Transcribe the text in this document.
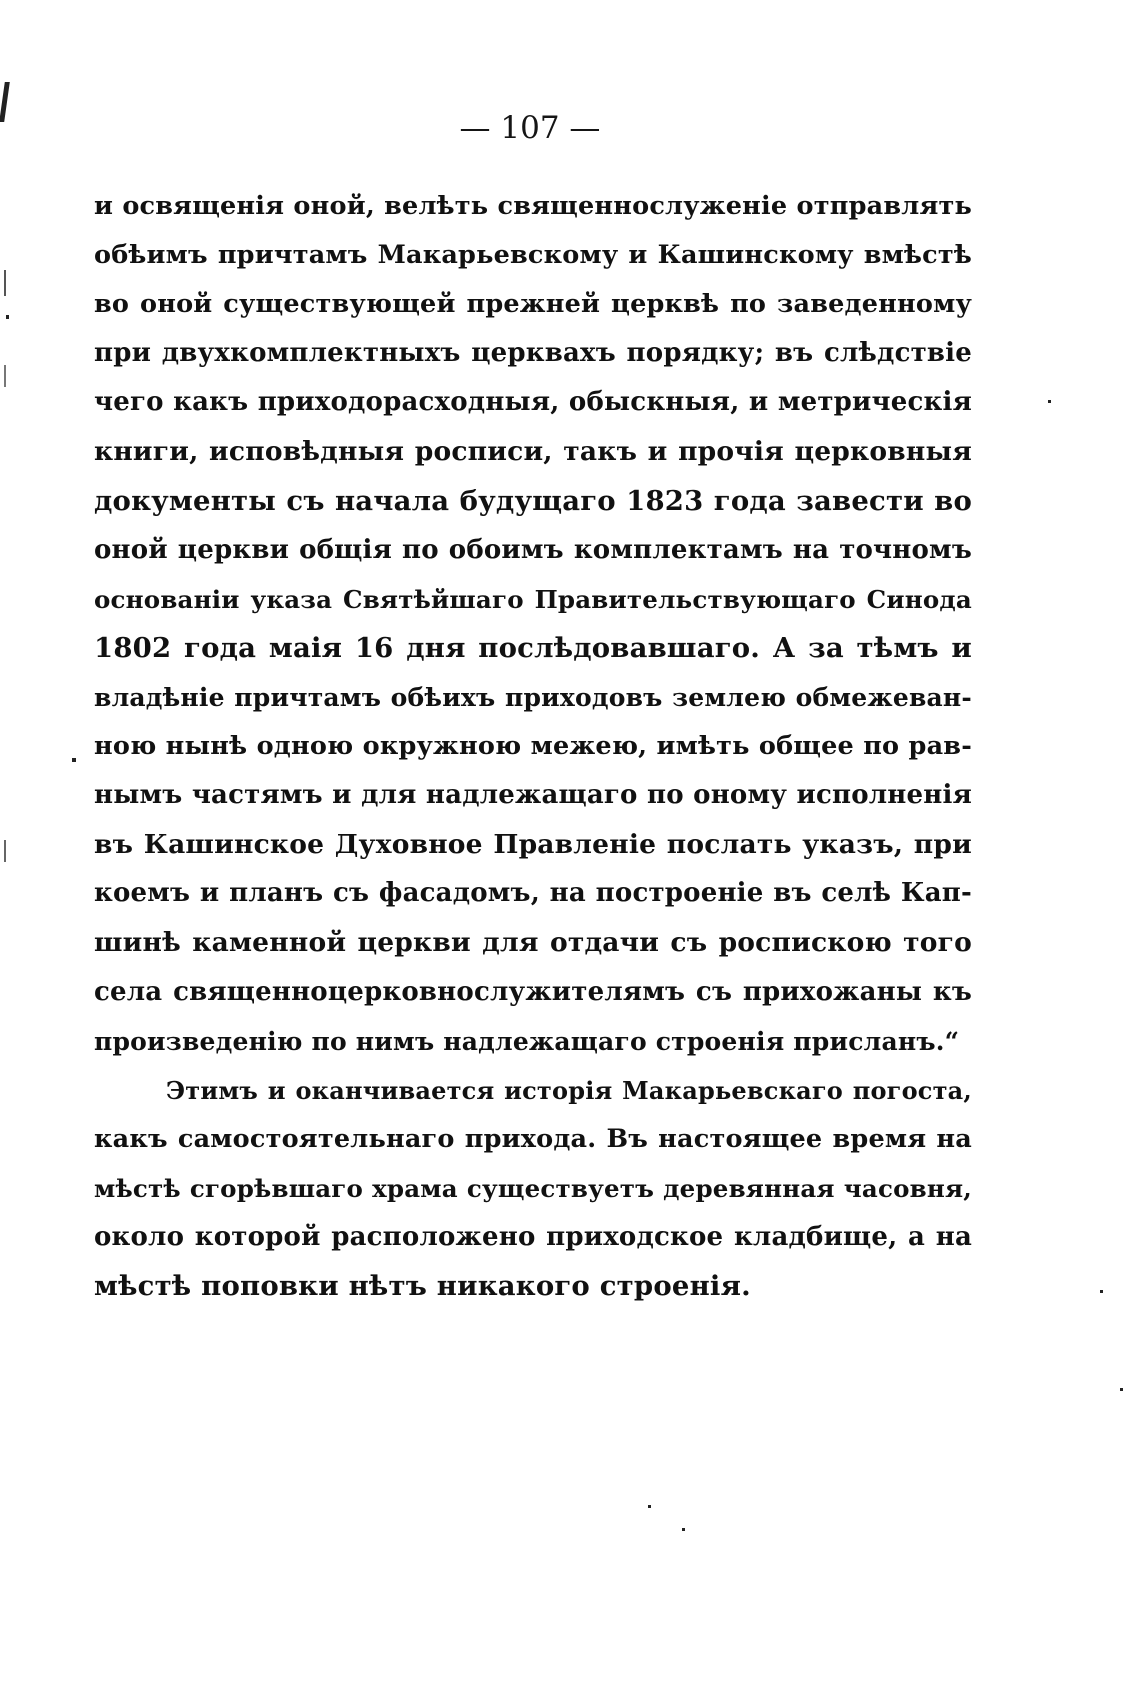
— 107 —
и освященія оной, велѣть священнослуженіе отправлять
обѣимъ причтамъ Макарьевскому и Кашинскому вмѣстѣ
во оной существующей прежней церквѣ по заведенному
при двухкомплектныхъ церквахъ порядку; въ слѣдствіе
чего какъ приходорасходныя, обыскныя, и метрическія
книги, исповѣдныя росписи, такъ и прочія церковныя
документы съ начала будущаго 1823 года завести во
оной церкви общія по обоимъ комплектамъ на точномъ
основаніи указа Святѣйшаго Правительствующаго Синода
1802 года маія 16 дня послѣдовавшаго. А за тѣмъ и
владѣніе причтамъ обѣихъ приходовъ землею обмежеван-
ною нынѣ одною окружною межею, имѣть общее по рав-
нымъ частямъ и для надлежащаго по оному исполненія
въ Кашинское Духовное Правленіе послать указъ, при
коемъ и планъ съ фасадомъ, на построеніе въ селѣ Кап-
шинѣ каменной церкви для отдачи съ роспискою того
села священноцерковнослужителямъ съ прихожаны къ
произведенію по нимъ надлежащаго строенія присланъ.“
Этимъ и оканчивается исторія Макарьевскаго погоста,
какъ самостоятельнаго прихода. Въ настоящее время на
мѣстѣ сгорѣвшаго храма существуетъ деревянная часовня,
около которой расположено приходское кладбище, а на
мѣстѣ поповки нѣтъ никакого строенія.
